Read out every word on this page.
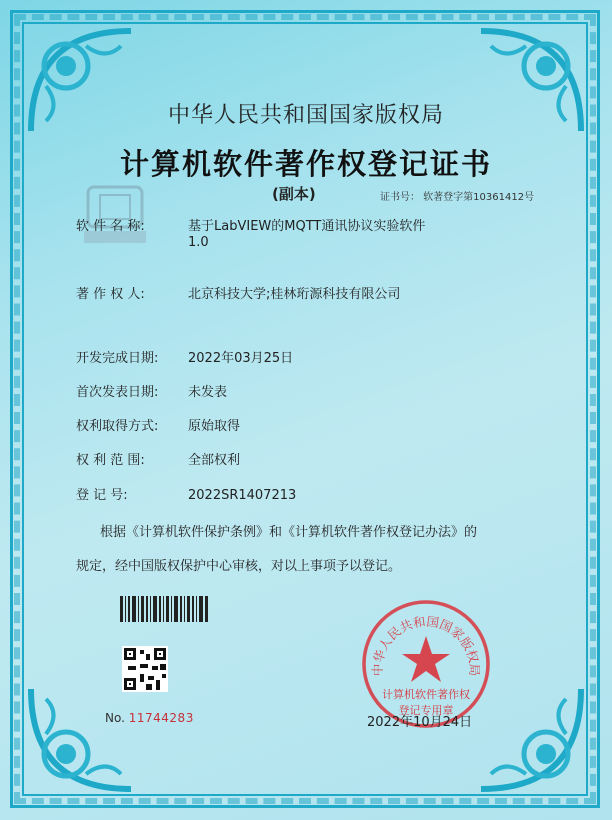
中华人民共和国国家版权局
计算机软件著作权登记证书
(副本)	证书号： 软著登字第10361412号
软 件 名 称:	基于LabVIEW的MQTT通讯协议实验软件
1.0
著 作 权 人:	北京科技大学;桂林珩源科技有限公司
开发完成日期: 2022年03月25日
首次发表日期: 未发表
权利取得方式: 原始取得
权 利 范 围:	全部权利
登 记 号:	2022SR1407213
根据《计算机软件保护条例》和《计算机软件著作权登记办法》的
规定，经中国版权保护中心审核，对以上事项予以登记。
No. 11744283
中华人民共和国国家版权局
计算机软件著作权
登记专用章
2022年10月24日
